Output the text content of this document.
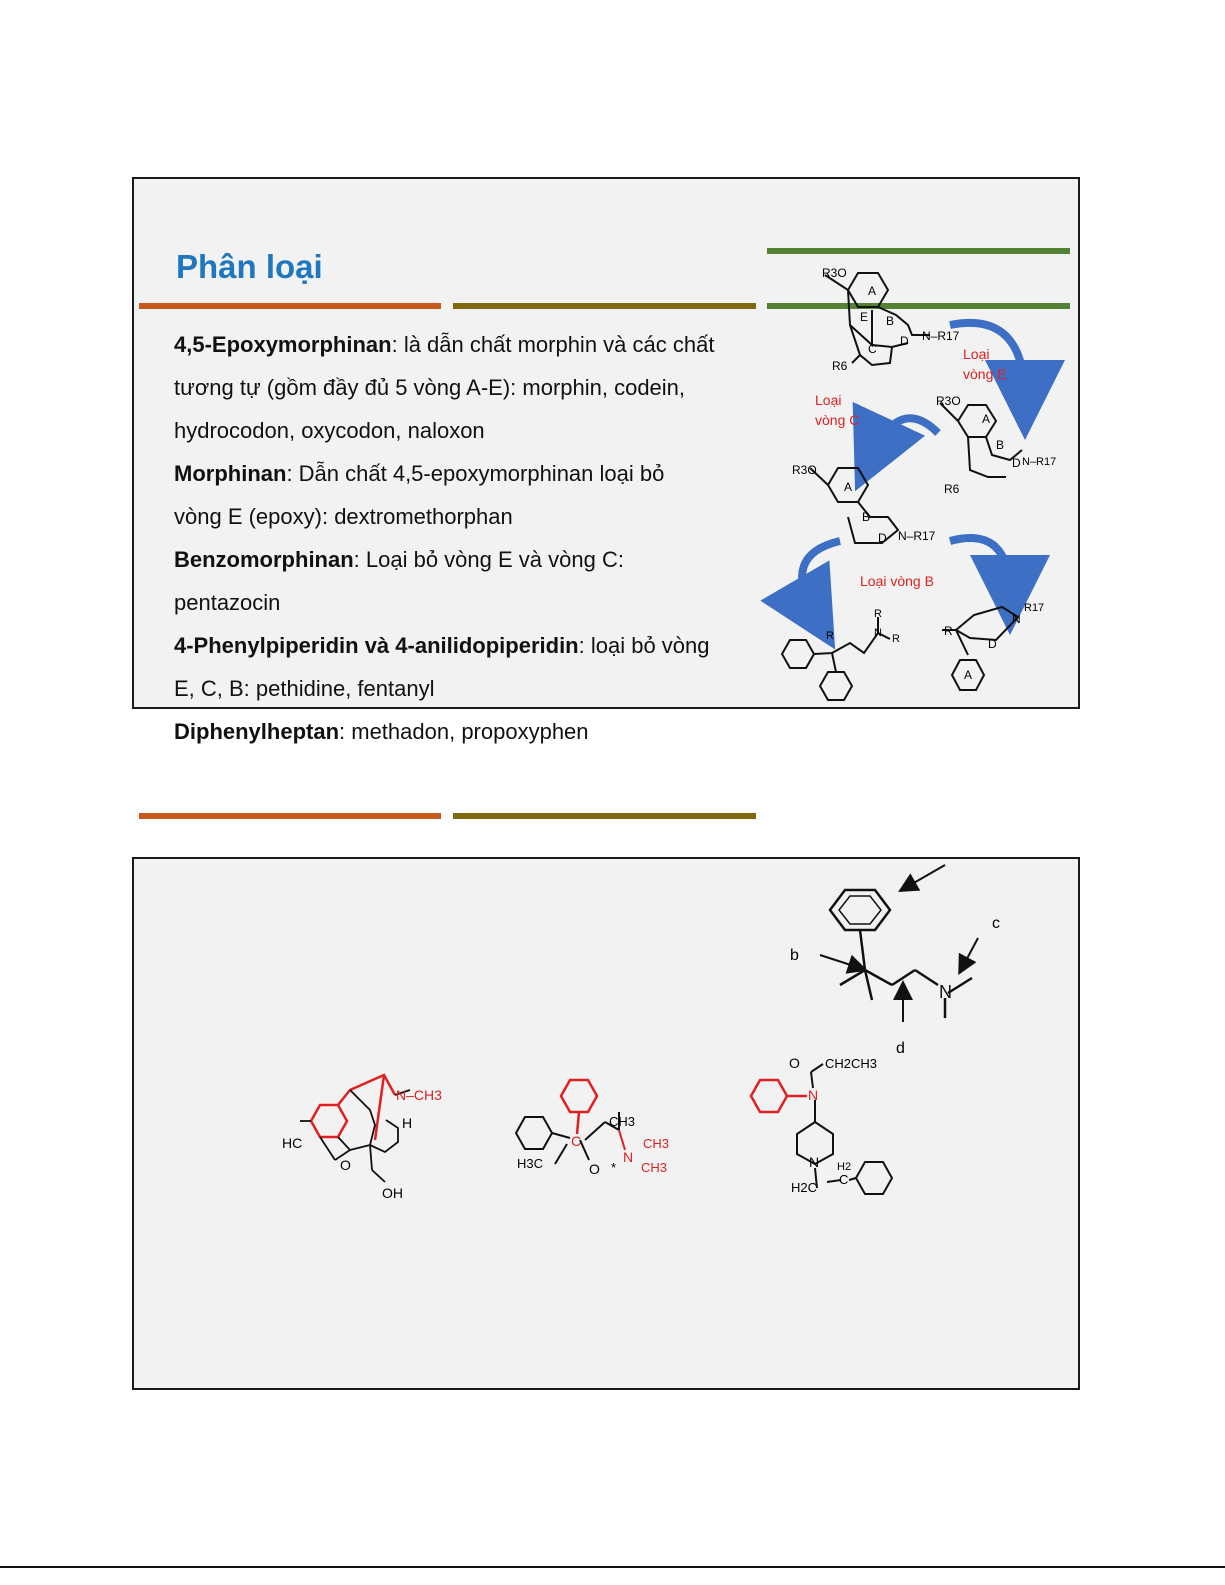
Phân loại
4,5-Epoxymorphinan: là dẫn chất morphin và các chất
tương tự (gồm đầy đủ 5 vòng A-E): morphin, codein,
hydrocodon, oxycodon, naloxon
Morphinan: Dẫn chất 4,5-epoxymorphinan loại bỏ
vòng E (epoxy): dextromethorphan
Benzomorphinan: Loại bỏ vòng E và vòng C:
pentazocin
4-Phenylpiperidin và 4-anilidopiperidin: loại bỏ vòng
E, C, B: pethidine, fentanyl
Diphenylheptan: methadon, propoxyphen
R3O
A
E B
D
C
N–R17
R6
Loại
vòng E
R3O
A
B
D N–R17
R6
Loại
vòng C
R3O
A
B
D N–R17
Loại vòng B
R
R
N R
R
N
R17
D
A
N
b
c
d
N–CH3
HC
O
OH
H
C
H3C	O
CH3
*
N
CH3
CH3
O CH2CH3
N
N
H2C
C
H2
